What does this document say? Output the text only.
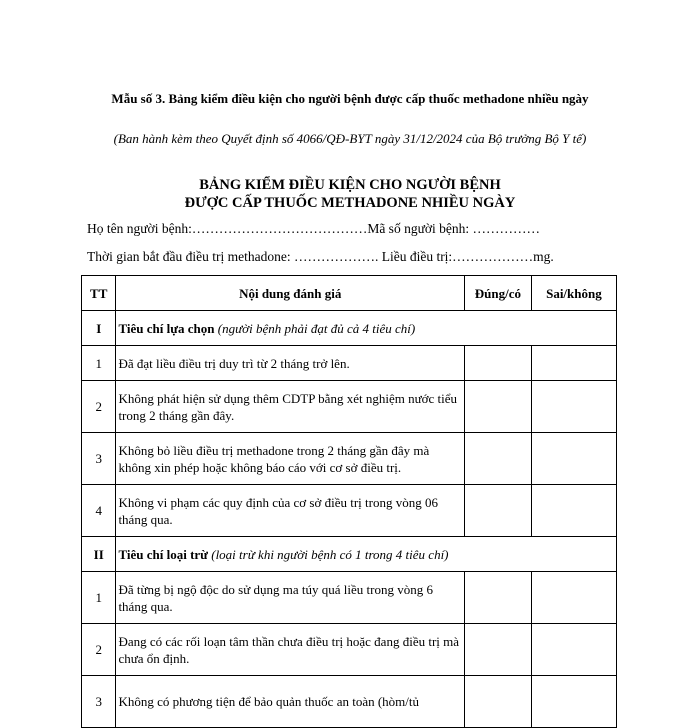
Mẫu số 3. Bảng kiểm điều kiện cho người bệnh được cấp thuốc methadone nhiều ngày
(Ban hành kèm theo Quyết định số 4066/QĐ-BYT ngày 31/12/2024 của Bộ trưởng Bộ Y tế)
BẢNG KIỂM ĐIỀU KIỆN CHO NGƯỜI BỆNH
ĐƯỢC CẤP THUỐC METHADONE NHIỀU NGÀY
Họ tên người bệnh:…………………………………Mã số người bệnh: ……………
Thời gian bắt đầu điều trị methadone: ………………. Liều điều trị:………………mg.
TT	Nội dung đánh giá	Đúng/có	Sai/không
I	Tiêu chí lựa chọn (người bệnh phải đạt đủ cả 4 tiêu chí)		
1	Đã đạt liều điều trị duy trì từ 2 tháng trở lên.		
2	Không phát hiện sử dụng thêm CDTP bằng xét nghiệm nước tiểu trong 2 tháng gần đây.		
3	Không bỏ liều điều trị methadone trong 2 tháng gần đây mà không xin phép hoặc không báo cáo với cơ sở điều trị.		
4	Không vi phạm các quy định của cơ sở điều trị trong vòng 06 tháng qua.		
II	Tiêu chí loại trừ (loại trừ khi người bệnh có 1 trong 4 tiêu chí)		
1	Đã từng bị ngộ độc do sử dụng ma túy quá liều trong vòng 6 tháng qua.		
2	Đang có các rối loạn tâm thần chưa điều trị hoặc đang điều trị mà chưa ổn định.		
3	Không có phương tiện để bảo quản thuốc an toàn (hòm/tủ		
